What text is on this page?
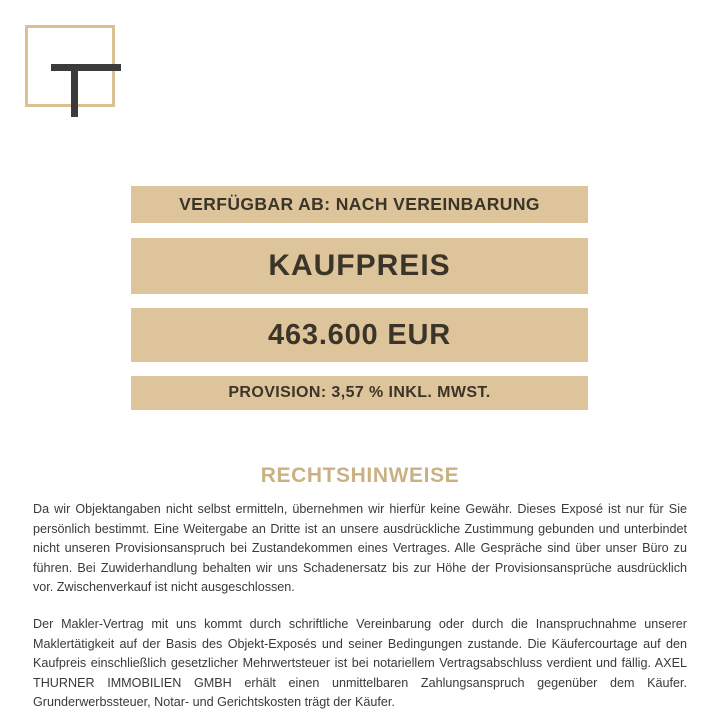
VERFÜGBAR AB: NACH VEREINBARUNG
KAUFPREIS
463.600 EUR
PROVISION: 3,57 % INKL. MWST.
RECHTSHINWEISE

Da wir Objektangaben nicht selbst ermitteln, übernehmen wir hierfür keine Gewähr. Dieses Exposé ist nur für Sie persönlich bestimmt. Eine Weitergabe an Dritte ist an unsere ausdrückliche Zustimmung gebunden und unterbindet nicht unseren Provisionsanspruch bei Zustandekommen eines Vertrages. Alle Gespräche sind über unser Büro zu führen. Bei Zuwiderhandlung behalten wir uns Schadenersatz bis zur Höhe der Provisionsansprüche ausdrücklich vor. Zwischenverkauf ist nicht ausgeschlossen.

Der Makler-Vertrag mit uns kommt durch schriftliche Vereinbarung oder durch die Inanspruchnahme unserer Maklertätigkeit auf der Basis des Objekt-Exposés und seiner Bedingungen zustande. Die Käufercourtage auf den Kaufpreis einschließlich gesetzlicher Mehrwertsteuer ist bei notariellem Vertragsabschluss verdient und fällig. AXEL THURNER IMMOBILIEN GMBH erhält einen unmittelbaren Zahlungsanspruch gegenüber dem Käufer. Grunderwerbssteuer, Notar- und Gerichtskosten trägt der Käufer.
